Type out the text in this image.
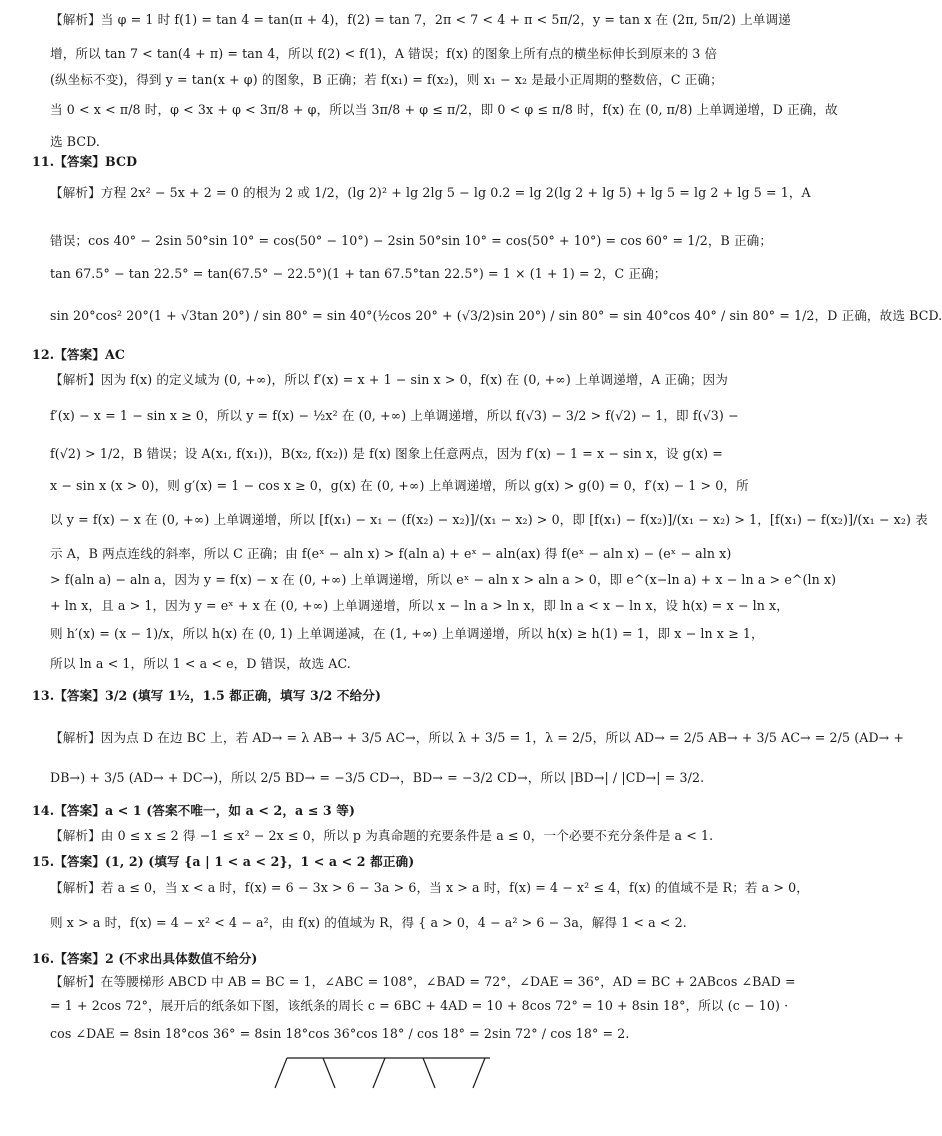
【解析】当 φ = 1 时 f(1) = tan 4 = tan(π + 4)，f(2) = tan 7，2π < 7 < 4 + π < 5π/2，y = tan x 在 (2π, 5π/2) 上单调递
增，所以 tan 7 < tan(4 + π) = tan 4，所以 f(2) < f(1)，A 错误；f(x) 的图象上所有点的横坐标伸长到原来的 3 倍
(纵坐标不变)，得到 y = tan(x + φ) 的图象，B 正确；若 f(x₁) = f(x₂)，则 x₁ − x₂ 是最小正周期的整数倍，C 正确；
当 0 < x < π/8 时，φ < 3x + φ < 3π/8 + φ，所以当 3π/8 + φ ≤ π/2，即 0 < φ ≤ π/8 时，f(x) 在 (0, π/8) 上单调递增，D 正确，故
选 BCD.
11.【答案】BCD
【解析】方程 2x² − 5x + 2 = 0 的根为 2 或 1/2，(lg 2)² + lg 2lg 5 − lg 0.2 = lg 2(lg 2 + lg 5) + lg 5 = lg 2 + lg 5 = 1，A
错误；cos 40° − 2sin 50°sin 10° = cos(50° − 10°) − 2sin 50°sin 10° = cos(50° + 10°) = cos 60° = 1/2，B 正确；
tan 67.5° − tan 22.5° = tan(67.5° − 22.5°)(1 + tan 67.5°tan 22.5°) = 1 × (1 + 1) = 2，C 正确；
sin 20°cos² 20°(1 + √3tan 20°) / sin 80° = sin 40°(½cos 20° + (√3/2)sin 20°) / sin 80° = sin 40°cos 40° / sin 80° = 1/2，D 正确，故选 BCD.
12.【答案】AC
【解析】因为 f(x) 的定义域为 (0, +∞)，所以 f′(x) = x + 1 − sin x > 0，f(x) 在 (0, +∞) 上单调递增，A 正确；因为
f′(x) − x = 1 − sin x ≥ 0，所以 y = f(x) − ½x² 在 (0, +∞) 上单调递增，所以 f(√3) − 3/2 > f(√2) − 1，即 f(√3) −
f(√2) > 1/2，B 错误；设 A(x₁, f(x₁))，B(x₂, f(x₂)) 是 f(x) 图象上任意两点，因为 f′(x) − 1 = x − sin x，设 g(x) =
x − sin x (x > 0)，则 g′(x) = 1 − cos x ≥ 0，g(x) 在 (0, +∞) 上单调递增，所以 g(x) > g(0) = 0，f′(x) − 1 > 0，所
以 y = f(x) − x 在 (0, +∞) 上单调递增，所以 [f(x₁) − x₁ − (f(x₂) − x₂)]/(x₁ − x₂) > 0，即 [f(x₁) − f(x₂)]/(x₁ − x₂) > 1，[f(x₁) − f(x₂)]/(x₁ − x₂) 表
示 A，B 两点连线的斜率，所以 C 正确；由 f(eˣ − aln x) > f(aln a) + eˣ − aln(ax) 得 f(eˣ − aln x) − (eˣ − aln x)
> f(aln a) − aln a，因为 y = f(x) − x 在 (0, +∞) 上单调递增，所以 eˣ − aln x > aln a > 0，即 e^(x−ln a) + x − ln a > e^(ln x)
+ ln x，且 a > 1，因为 y = eˣ + x 在 (0, +∞) 上单调递增，所以 x − ln a > ln x，即 ln a < x − ln x，设 h(x) = x − ln x，
则 h′(x) = (x − 1)/x，所以 h(x) 在 (0, 1) 上单调递减，在 (1, +∞) 上单调递增，所以 h(x) ≥ h(1) = 1，即 x − ln x ≥ 1，
所以 ln a < 1，所以 1 < a < e，D 错误，故选 AC.
13.【答案】3/2 (填写 1½，1.5 都正确，填写 3/2 不给分)
【解析】因为点 D 在边 BC 上，若 AD→ = λ AB→ + 3/5 AC→，所以 λ + 3/5 = 1，λ = 2/5，所以 AD→ = 2/5 AB→ + 3/5 AC→ = 2/5 (AD→ +
DB→) + 3/5 (AD→ + DC→)，所以 2/5 BD→ = −3/5 CD→，BD→ = −3/2 CD→，所以 |BD→| / |CD→| = 3/2.
14.【答案】a < 1 (答案不唯一，如 a < 2，a ≤ 3 等)
【解析】由 0 ≤ x ≤ 2 得 −1 ≤ x² − 2x ≤ 0，所以 p 为真命题的充要条件是 a ≤ 0，一个必要不充分条件是 a < 1.
15.【答案】(1, 2) (填写 {a | 1 < a < 2}，1 < a < 2 都正确)
【解析】若 a ≤ 0，当 x < a 时，f(x) = 6 − 3x > 6 − 3a > 6，当 x > a 时，f(x) = 4 − x² ≤ 4，f(x) 的值域不是 R；若 a > 0，
则 x > a 时，f(x) = 4 − x² < 4 − a²，由 f(x) 的值域为 R，得 { a > 0，4 − a² > 6 − 3a，解得 1 < a < 2.
16.【答案】2 (不求出具体数值不给分)
【解析】在等腰梯形 ABCD 中 AB = BC = 1，∠ABC = 108°，∠BAD = 72°，∠DAE = 36°，AD = BC + 2ABcos ∠BAD =
= 1 + 2cos 72°，展开后的纸条如下图，该纸条的周长 c = 6BC + 4AD = 10 + 8cos 72° = 10 + 8sin 18°，所以 (c − 10) ·
cos ∠DAE = 8sin 18°cos 36° = 8sin 18°cos 36°cos 18° / cos 18° = 2sin 72° / cos 18° = 2.
